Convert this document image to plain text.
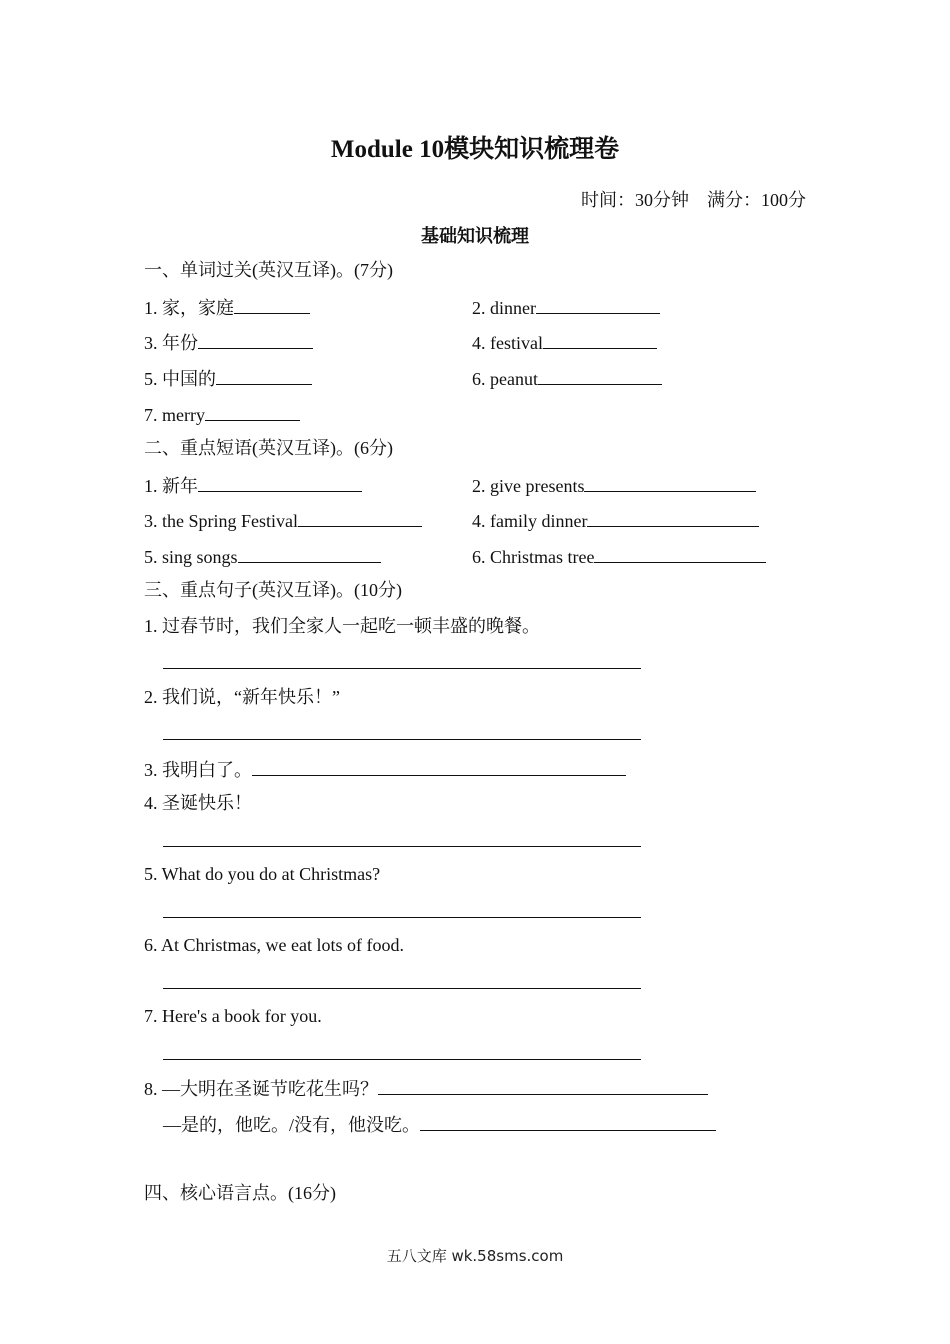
Module 10模块知识梳理卷
时间：30分钟　满分：100分
基础知识梳理
一、单词过关(英汉互译)。(7分)
1. 家，家庭	2. dinner
3. 年份	4. festival
5. 中国的	6. peanut
7. merry
二、重点短语(英汉互译)。(6分)
1. 新年	2. give presents
3. the Spring Festival	4. family dinner
5. sing songs	6. Christmas tree
三、重点句子(英汉互译)。(10分)
1. 过春节时，我们全家人一起吃一顿丰盛的晚餐。
2. 我们说，“新年快乐！”
3. 我明白了。
4. 圣诞快乐！
5. What do you do at Christmas?
6. At Christmas, we eat lots of food.
7. Here's a book for you.
8. —大明在圣诞节吃花生吗？
—是的，他吃。/没有，他没吃。
四、核心语言点。(16分)
五八文库 wk.58sms.com
